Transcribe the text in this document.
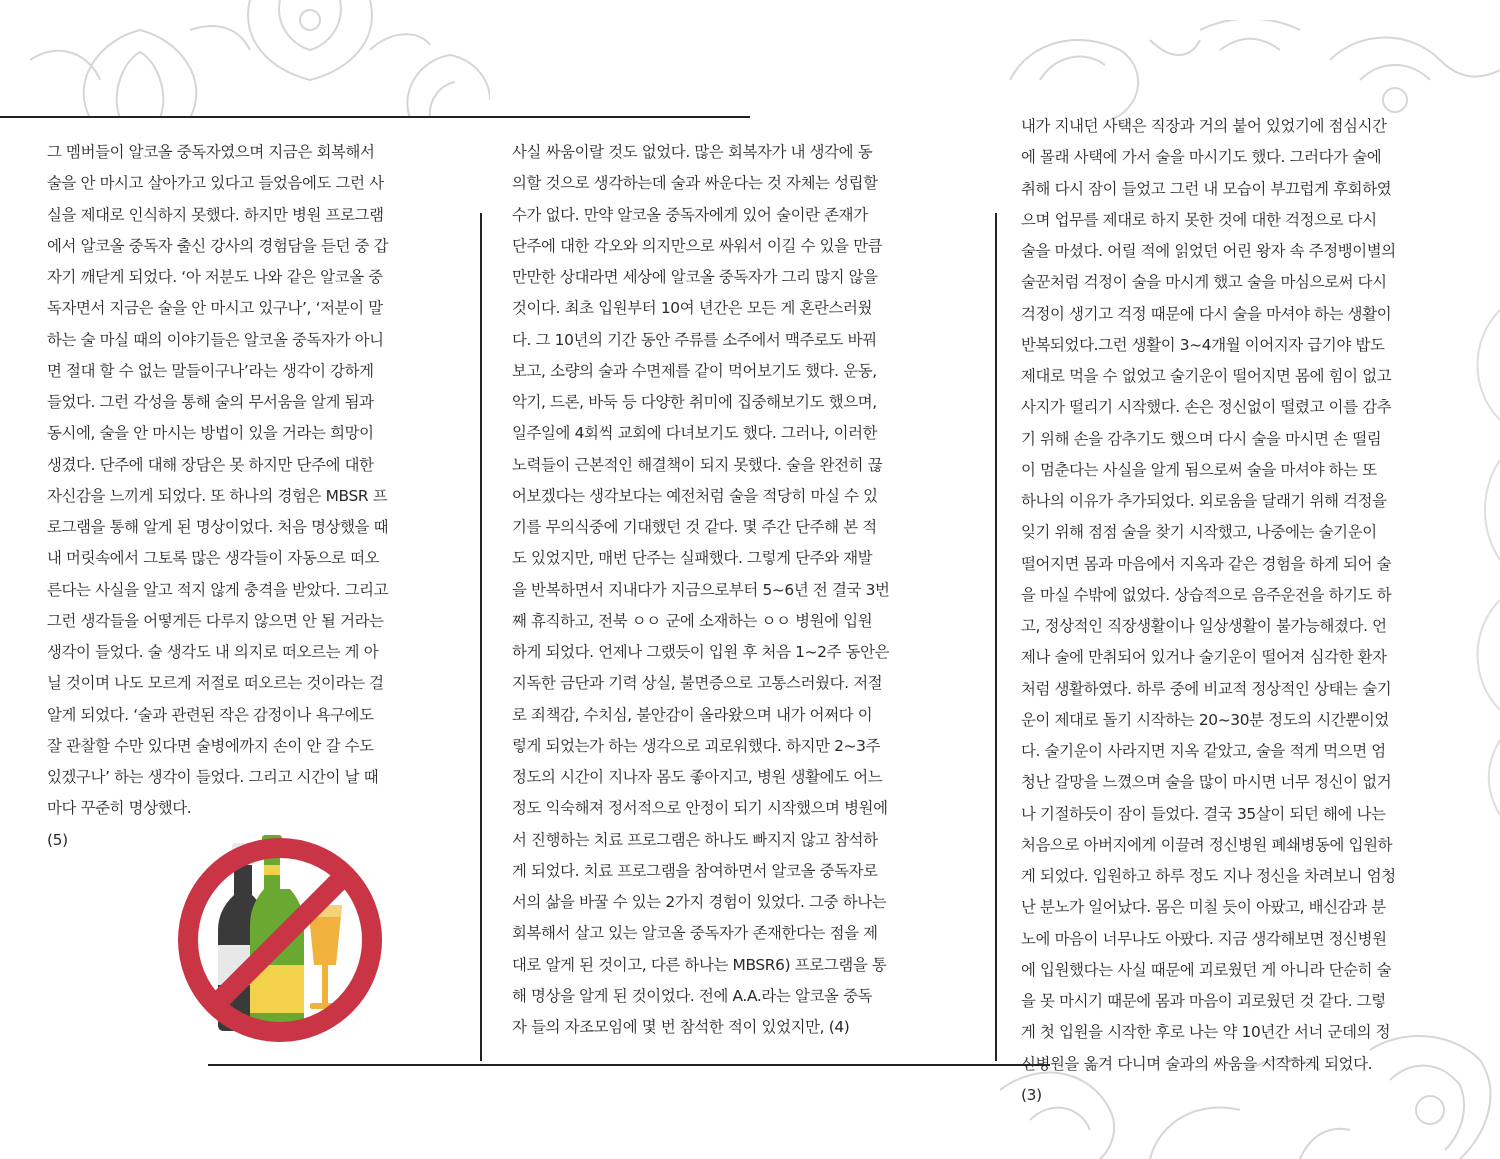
그 멤버들이 알코올 중독자였으며 지금은 회복해서

술을 안 마시고 살아가고 있다고 들었음에도 그런 사

실을 제대로 인식하지 못했다. 하지만 병원 프로그램

에서 알코올 중독자 출신 강사의 경험담을 듣던 중 갑

자기 깨닫게 되었다. ‘아 저분도 나와 같은 알코올 중

독자면서 지금은 술을 안 마시고 있구나’, ‘저분이 말

하는 술 마실 때의 이야기들은 알코올 중독자가 아니

면 절대 할 수 없는 말들이구나’라는 생각이 강하게

들었다. 그런 각성을 통해 술의 무서움을 알게 됨과

동시에, 술을 안 마시는 방법이 있을 거라는 희망이

생겼다. 단주에 대해 장담은 못 하지만 단주에 대한

자신감을 느끼게 되었다. 또 하나의 경험은 MBSR 프

로그램을 통해 알게 된 명상이었다. 처음 명상했을 때

내 머릿속에서 그토록 많은 생각들이 자동으로 떠오

른다는 사실을 알고 적지 않게 충격을 받았다. 그리고

그런 생각들을 어떻게든 다루지 않으면 안 될 거라는

생각이 들었다. 술 생각도 내 의지로 떠오르는 게 아

닐 것이며 나도 모르게 저절로 떠오르는 것이라는 걸

알게 되었다. ‘술과 관련된 작은 감정이나 욕구에도

잘 관찰할 수만 있다면 술병에까지 손이 안 갈 수도

있겠구나’ 하는 생각이 들었다. 그리고 시간이 날 때

마다 꾸준히 명상했다.

(5)

사실 싸움이랄 것도 없었다. 많은 회복자가 내 생각에 동

의할 것으로 생각하는데 술과 싸운다는 것 자체는 성립할

수가 없다. 만약 알코올 중독자에게 있어 술이란 존재가

단주에 대한 각오와 의지만으로 싸워서 이길 수 있을 만큼

만만한 상대라면 세상에 알코올 중독자가 그리 많지 않을

것이다. 최초 입원부터 10여 년간은 모든 게 혼란스러웠

다. 그 10년의 기간 동안 주류를 소주에서 맥주로도 바꿔

보고, 소량의 술과 수면제를 같이 먹어보기도 했다. 운동,

악기, 드론, 바둑 등 다양한 취미에 집중해보기도 했으며,

일주일에 4회씩 교회에 다녀보기도 했다. 그러나, 이러한

노력들이 근본적인 해결책이 되지 못했다. 술을 완전히 끊

어보겠다는 생각보다는 예전처럼 술을 적당히 마실 수 있

기를 무의식중에 기대했던 것 같다. 몇 주간 단주해 본 적

도 있었지만, 매번 단주는 실패했다. 그렇게 단주와 재발

을 반복하면서 지내다가 지금으로부터 5~6년 전 결국 3번

째 휴직하고, 전북 ㅇㅇ 군에 소재하는 ㅇㅇ 병원에 입원

하게 되었다. 언제나 그랬듯이 입원 후 처음 1~2주 동안은

지독한 금단과 기력 상실, 불면증으로 고통스러웠다. 저절

로 죄책감, 수치심, 불안감이 올라왔으며 내가 어쩌다 이

렇게 되었는가 하는 생각으로 괴로워했다. 하지만 2~3주

정도의 시간이 지나자 몸도 좋아지고, 병원 생활에도 어느

정도 익숙해져 정서적으로 안정이 되기 시작했으며 병원에

서 진행하는 치료 프로그램은 하나도 빠지지 않고 참석하

게 되었다. 치료 프로그램을 참여하면서 알코올 중독자로

서의 삶을 바꿀 수 있는 2가지 경험이 있었다. 그중 하나는

회복해서 살고 있는 알코올 중독자가 존재한다는 점을 제

대로 알게 된 것이고, 다른 하나는 MBSR6) 프로그램을 통

해 명상을 알게 된 것이었다. 전에 A.A.라는 알코올 중독

자 들의 자조모임에 몇 번 참석한 적이 있었지만, (4)

내가 지내던 사택은 직장과 거의 붙어 있었기에 점심시간

에 몰래 사택에 가서 술을 마시기도 했다. 그러다가 술에

취해 다시 잠이 들었고 그런 내 모습이 부끄럽게 후회하였

으며 업무를 제대로 하지 못한 것에 대한 걱정으로 다시

술을 마셨다. 어릴 적에 읽었던 어린 왕자 속 주정뱅이별의

술꾼처럼 걱정이 술을 마시게 했고 술을 마심으로써 다시

걱정이 생기고 걱정 때문에 다시 술을 마셔야 하는 생활이

반복되었다.그런 생활이 3~4개월 이어지자 급기야 밥도

제대로 먹을 수 없었고 술기운이 떨어지면 몸에 힘이 없고

사지가 떨리기 시작했다. 손은 정신없이 떨렸고 이를 감추

기 위해 손을 감추기도 했으며 다시 술을 마시면 손 떨림

이 멈춘다는 사실을 알게 됨으로써 술을 마셔야 하는 또

하나의 이유가 추가되었다. 외로움을 달래기 위해 걱정을

잊기 위해 점점 술을 찾기 시작했고, 나중에는 술기운이

떨어지면 몸과 마음에서 지옥과 같은 경험을 하게 되어 술

을 마실 수밖에 없었다. 상습적으로 음주운전을 하기도 하

고, 정상적인 직장생활이나 일상생활이 불가능해졌다. 언

제나 술에 만취되어 있거나 술기운이 떨어져 심각한 환자

처럼 생활하였다. 하루 중에 비교적 정상적인 상태는 술기

운이 제대로 돌기 시작하는 20~30분 정도의 시간뿐이었

다. 술기운이 사라지면 지옥 같았고, 술을 적게 먹으면 엄

청난 갈망을 느꼈으며 술을 많이 마시면 너무 정신이 없거

나 기절하듯이 잠이 들었다. 결국 35살이 되던 해에 나는

처음으로 아버지에게 이끌려 정신병원 폐쇄병동에 입원하

게 되었다. 입원하고 하루 정도 지나 정신을 차려보니 엄청

난 분노가 일어났다. 몸은 미칠 듯이 아팠고, 배신감과 분

노에 마음이 너무나도 아팠다. 지금 생각해보면 정신병원

에 입원했다는 사실 때문에 괴로웠던 게 아니라 단순히 술

을 못 마시기 때문에 몸과 마음이 괴로웠던 것 같다. 그렇

게 첫 입원을 시작한 후로 나는 약 10년간 서너 군데의 정

신병원을 옮겨 다니며 술과의 싸움을 시작하게 되었다.

(3)
